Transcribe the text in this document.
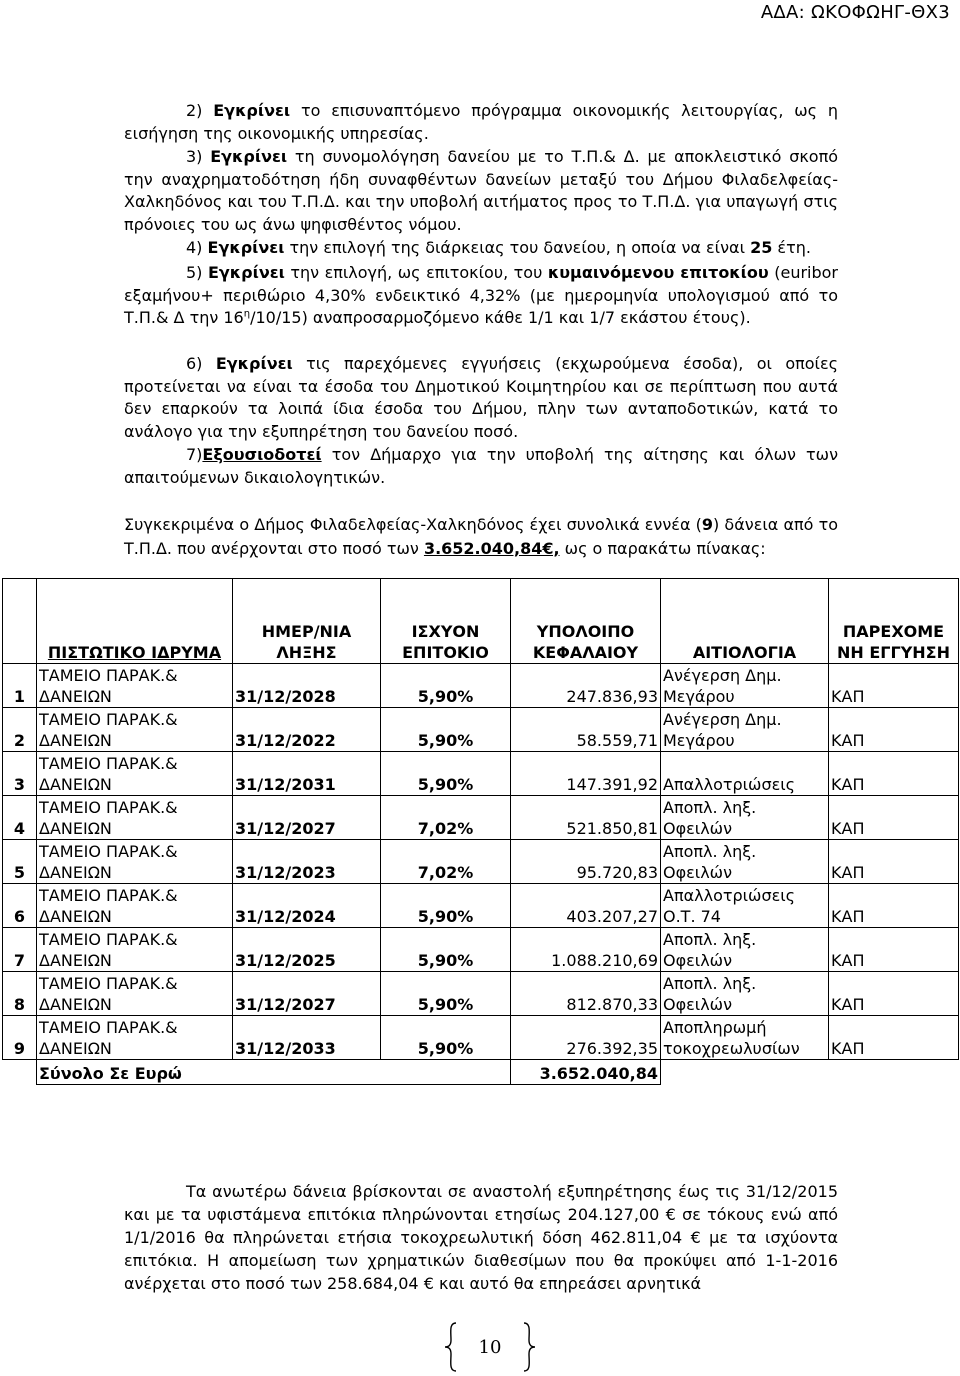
ΑΔΑ: ΩΚΟΦΩΗΓ-ΘΧ3
2) Εγκρίνει το επισυναπτόμενο πρόγραμμα οικονομικής λειτουργίας, ως η εισήγηση της οικονομικής υπηρεσίας.
3) Εγκρίνει τη συνομολόγηση δανείου με το Τ.Π.& Δ. με αποκλειστικό σκοπό την αναχρηματοδότηση ήδη συναφθέντων δανείων μεταξύ του Δήμου Φιλαδελφείας-Χαλκηδόνος και του Τ.Π.Δ. και την υποβολή αιτήματος προς το Τ.Π.Δ. για υπαγωγή στις πρόνοιες του ως άνω ψηφισθέντος νόμου.
4) Εγκρίνει την επιλογή της διάρκειας του δανείου, η οποία να είναι 25 έτη.
5) Εγκρίνει την επιλογή, ως επιτοκίου, του κυμαινόμενου επιτοκίου (euribor εξαμήνου+ περιθώριο 4,30% ενδεικτικό 4,32% (με ημερομηνία υπολογισμού από το Τ.Π.& Δ την $16^\eta/10/15$) αναπροσαρμοζόμενο κάθε 1/1 και 1/7 εκάστου έτους).
6) Εγκρίνει τις παρεχόμενες εγγυήσεις (εκχωρούμενα έσοδα), οι οποίες προτείνεται να είναι τα έσοδα του Δημοτικού Κοιμητηρίου και σε περίπτωση που αυτά δεν επαρκούν τα λοιπά ίδια έσοδα του Δήμου, πλην των ανταποδοτικών, κατά το ανάλογο για την εξυπηρέτηση του δανείου ποσό.
7)Εξουσιοδοτεί τον Δήμαρχο για την υποβολή της αίτησης και όλων των απαιτούμενων δικαιολογητικών.
Συγκεκριμένα ο Δήμος Φιλαδελφείας-Χαλκηδόνος έχει συνολικά εννέα (9) δάνεια από το Τ.Π.Δ. που ανέρχονται στο ποσό των 3.652.040,84€, ως ο παρακάτω πίνακας:
	ΠΙΣΤΩΤΙΚΟ ΙΔΡΥΜΑ	ΗΜΕΡ/ΝΙΑ ΛΗΞΗΣ	ΙΣΧΥΟΝ ΕΠΙΤΟΚΙΟ	ΥΠΟΛΟΙΠΟ ΚΕΦΑΛΑΙΟΥ	ΑΙΤΙΟΛΟΓΙΑ	ΠΑΡΕΧΟΜΕ ΝΗ ΕΓΓΥΗΣΗ
1	ΤΑΜΕΙΟ ΠΑΡΑΚ.& ΔΑΝΕΙΩΝ	31/12/2028	5,90%	247.836,93	Ανέγερση Δημ. Μεγάρου	ΚΑΠ
2	ΤΑΜΕΙΟ ΠΑΡΑΚ.& ΔΑΝΕΙΩΝ	31/12/2022	5,90%	58.559,71	Ανέγερση Δημ. Μεγάρου	ΚΑΠ
3	ΤΑΜΕΙΟ ΠΑΡΑΚ.& ΔΑΝΕΙΩΝ	31/12/2031	5,90%	147.391,92	Απαλλοτριώσεις	ΚΑΠ
4	ΤΑΜΕΙΟ ΠΑΡΑΚ.& ΔΑΝΕΙΩΝ	31/12/2027	7,02%	521.850,81	Αποπλ. ληξ. Οφειλών	ΚΑΠ
5	ΤΑΜΕΙΟ ΠΑΡΑΚ.& ΔΑΝΕΙΩΝ	31/12/2023	7,02%	95.720,83	Αποπλ. ληξ. Οφειλών	ΚΑΠ
6	ΤΑΜΕΙΟ ΠΑΡΑΚ.& ΔΑΝΕΙΩΝ	31/12/2024	5,90%	403.207,27	Απαλλοτριώσεις Ο.Τ. 74	ΚΑΠ
7	ΤΑΜΕΙΟ ΠΑΡΑΚ.& ΔΑΝΕΙΩΝ	31/12/2025	5,90%	1.088.210,69	Αποπλ. ληξ. Οφειλών	ΚΑΠ
8	ΤΑΜΕΙΟ ΠΑΡΑΚ.& ΔΑΝΕΙΩΝ	31/12/2027	5,90%	812.870,33	Αποπλ. ληξ. Οφειλών	ΚΑΠ
9	ΤΑΜΕΙΟ ΠΑΡΑΚ.& ΔΑΝΕΙΩΝ	31/12/2033	5,90%	276.392,35	Αποπληρωμή τοκοχρεωλυσίων	ΚΑΠ
	Σύνολο Σε Ευρώ			3.652.040,84		
Τα ανωτέρω δάνεια βρίσκονται σε αναστολή εξυπηρέτησης έως τις 31/12/2015 και με τα υφιστάμενα επιτόκια πληρώνονται ετησίως 204.127,00 € σε τόκους ενώ από 1/1/2016 θα πληρώνεται ετήσια τοκοχρεωλυτική δόση 462.811,04 € με τα ισχύοντα επιτόκια. Η απομείωση των χρηματικών διαθεσίμων που θα προκύψει από 1-1-2016 ανέρχεται στο ποσό των 258.684,04 € και αυτό θα επηρεάσει αρνητικά
10
